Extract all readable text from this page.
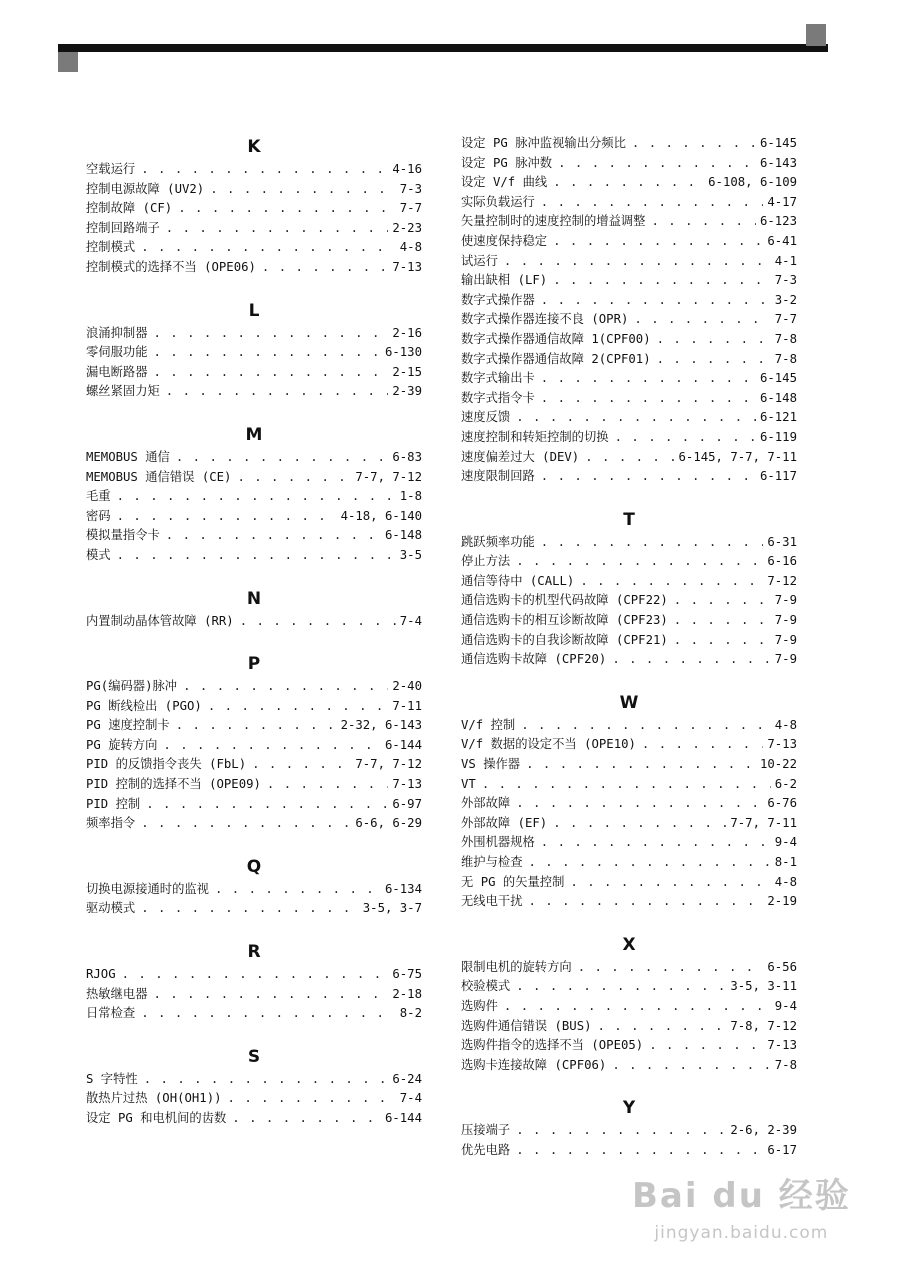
K
空载运行 . . .	4-16
控制电源故障 (UV2) . . .	7-3
控制故障 (CF) . . .	7-7
控制回路端子 . . .	2-23
控制模式 . . .	4-8
控制模式的选择不当 (OPE06) . . .	7-13
L
浪涌抑制器 . . .	2-16
零伺服功能 . . .	6-130
漏电断路器 . . .	2-15
螺丝紧固力矩 . . .	2-39
M
MEMOBUS 通信 . . .	6-83
MEMOBUS 通信错误 (CE) . . .	7-7, 7-12
毛重 . . .	1-8
密码 . . .	4-18, 6-140
模拟量指令卡 . . .	6-148
模式 . . .	3-5
N
内置制动晶体管故障 (RR) . . .	7-4
P
PG(编码器)脉冲 . . .	2-40
PG 断线检出 (PGO) . . .	7-11
PG 速度控制卡 . . .	2-32, 6-143
PG 旋转方向 . . .	6-144
PID 的反馈指令丧失 (FbL) . . .	7-7, 7-12
PID 控制的选择不当 (OPE09) . . .	7-13
PID 控制 . . .	6-97
频率指令 . . .	6-6, 6-29
Q
切换电源接通时的监视 . . .	6-134
驱动模式 . . .	3-5, 3-7
R
RJOG . . .	6-75
热敏继电器 . . .	2-18
日常检查 . . .	8-2
S
S 字特性 . . .	6-24
散热片过热 (OH(OH1)) . . .	7-4
设定 PG 和电机间的齿数 . . .	6-144
设定 PG 脉冲监视输出分频比 . . .	6-145
设定 PG 脉冲数 . . .	6-143
设定 V/f 曲线 . . .	6-108, 6-109
实际负载运行 . . .	4-17
矢量控制时的速度控制的增益调整 . . .	6-123
使速度保持稳定 . . .	6-41
试运行 . . .	4-1
输出缺相 (LF) . . .	7-3
数字式操作器 . . .	3-2
数字式操作器连接不良 (OPR) . . .	7-7
数字式操作器通信故障 1(CPF00) . . .	7-8
数字式操作器通信故障 2(CPF01) . . .	7-8
数字式输出卡 . . .	6-145
数字式指令卡 . . .	6-148
速度反馈 . . .	6-121
速度控制和转矩控制的切换 . . .	6-119
速度偏差过大 (DEV) . . .	6-145, 7-7, 7-11
速度限制回路 . . .	6-117
T
跳跃频率功能 . . .	6-31
停止方法 . . .	6-16
通信等待中 (CALL) . . .	7-12
通信选购卡的机型代码故障 (CPF22) . . .	7-9
通信选购卡的相互诊断故障 (CPF23) . . .	7-9
通信选购卡的自我诊断故障 (CPF21) . . .	7-9
通信选购卡故障 (CPF20) . . .	7-9
W
V/f 控制 . . .	4-8
V/f 数据的设定不当 (OPE10) . . .	7-13
VS 操作器 . . .	10-22
VT . . .	6-2
外部故障 . . .	6-76
外部故障 (EF) . . .	7-7, 7-11
外围机器规格 . . .	9-4
维护与检查 . . .	8-1
无 PG 的矢量控制 . . .	4-8
无线电干扰 . . .	2-19
X
限制电机的旋转方向 . . .	6-56
校验模式 . . .	3-5, 3-11
选购件 . . .	9-4
选购件通信错误 (BUS) . . .	7-8, 7-12
选购件指令的选择不当 (OPE05) . . .	7-13
选购卡连接故障 (CPF06) . . .	7-8
Y
压接端子 . . .	2-6, 2-39
优先电路 . . .	6-17
Bai du 经验
jingyan.baidu.com
